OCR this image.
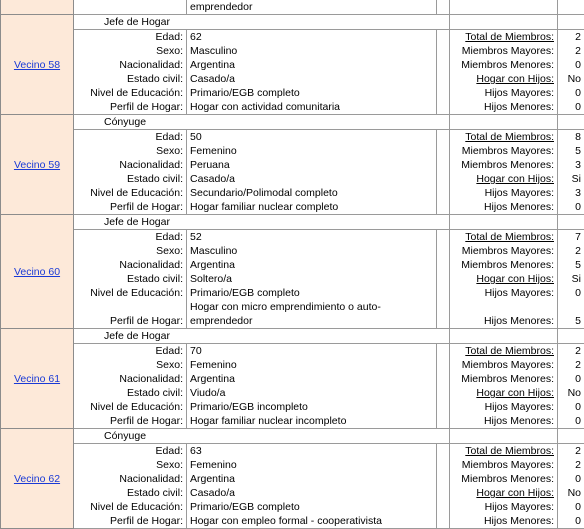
		emprendedor			
Vecino 58	Jefe de Hogar				
	Edad:	62		Total de Miembros:	2
	Sexo:	Masculino		Miembros Mayores:	2
	Nacionalidad:	Argentina		Miembros Menores:	0
	Estado civil:	Casado/a		Hogar con Hijos:	No
	Nivel de Educación:	Primario/EGB completo		Hijos Mayores:	0
	Perfil de Hogar:	Hogar con actividad comunitaria		Hijos Menores:	0
Vecino 59	Cónyuge				
	Edad:	50		Total de Miembros:	8
	Sexo:	Femenino		Miembros Mayores:	5
	Nacionalidad:	Peruana		Miembros Menores:	3
	Estado civil:	Casado/a		Hogar con Hijos:	Si
	Nivel de Educación:	Secundario/Polimodal completo		Hijos Mayores:	3
	Perfil de Hogar:	Hogar familiar nuclear completo		Hijos Menores:	0
Vecino 60	Jefe de Hogar				
	Edad:	52		Total de Miembros:	7
	Sexo:	Masculino		Miembros Mayores:	2
	Nacionalidad:	Argentina		Miembros Menores:	5
	Estado civil:	Soltero/a		Hogar con Hijos:	Si
	Nivel de Educación:	Primario/EGB completo		Hijos Mayores:	0
	Perfil de Hogar:	Hogar con micro emprendimiento o auto-emprendedor		Hijos Menores:	5
Vecino 61	Jefe de Hogar				
	Edad:	70		Total de Miembros:	2
	Sexo:	Femenino		Miembros Mayores:	2
	Nacionalidad:	Argentina		Miembros Menores:	0
	Estado civil:	Viudo/a		Hogar con Hijos:	No
	Nivel de Educación:	Primario/EGB incompleto		Hijos Mayores:	0
	Perfil de Hogar:	Hogar familiar nuclear incompleto		Hijos Menores:	0
Vecino 62	Cónyuge				
	Edad:	63		Total de Miembros:	2
	Sexo:	Femenino		Miembros Mayores:	2
	Nacionalidad:	Argentina		Miembros Menores:	0
	Estado civil:	Casado/a		Hogar con Hijos:	No
	Nivel de Educación:	Primario/EGB completo		Hijos Mayores:	0
	Perfil de Hogar:	Hogar con empleo formal - cooperativista		Hijos Menores:	0
